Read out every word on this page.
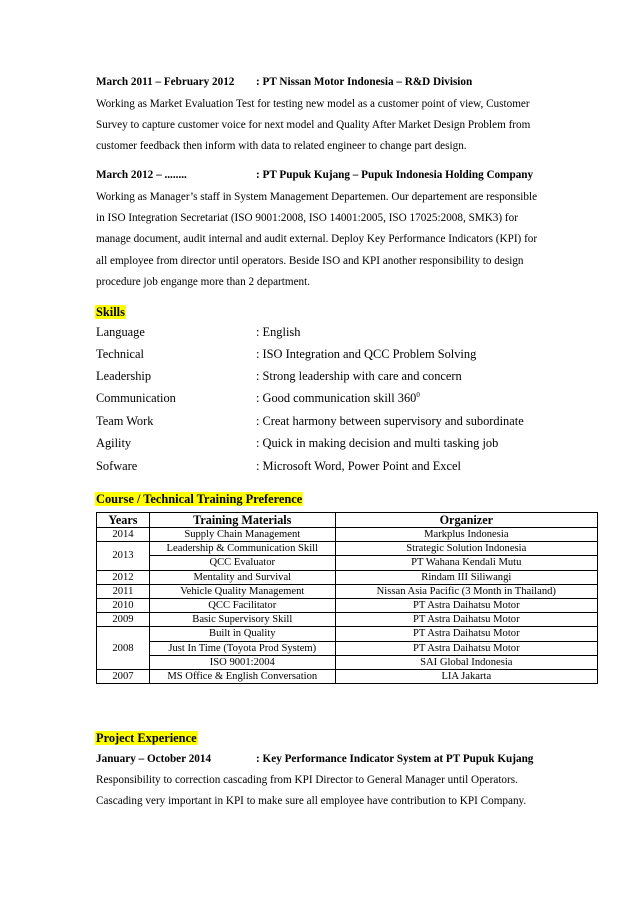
March 2011 – February 2012 : PT Nissan Motor Indonesia – R&D Division
Working as Market Evaluation Test for testing new model as a customer point of view, Customer
Survey to capture customer voice for next model and Quality After Market Design Problem from
customer feedback then inform with data to related engineer to change part design.
March 2012 – ........	: PT Pupuk Kujang – Pupuk Indonesia Holding Company
Working as Manager’s staff in System Management Departemen. Our departement are responsible
in ISO Integration Secretariat (ISO 9001:2008, ISO 14001:2005, ISO 17025:2008, SMK3) for
manage document, audit internal and audit external. Deploy Key Performance Indicators (KPI) for
all employee from director until operators. Beside ISO and KPI another responsibility to design
procedure job engange more than 2 department.
Skills
Language	: English
Technical	: ISO Integration and QCC Problem Solving
Leadership	: Strong leadership with care and concern
Communication	: Good communication skill $360^0$
Team Work	: Creat harmony between supervisory and subordinate
Agility	: Quick in making decision and multi tasking job
Sofware	: Microsoft Word, Power Point and Excel
Course / Technical Training Preference
Years	Training Materials	Organizer
2014	Supply Chain Management	Markplus Indonesia
2013	Leadership & Communication Skill	Strategic Solution Indonesia
	QCC Evaluator	PT Wahana Kendali Mutu
2012	Mentality and Survival	Rindam III Siliwangi
2011	Vehicle Quality Management	Nissan Asia Pacific (3 Month in Thailand)
2010	QCC Facilitator	PT Astra Daihatsu Motor
2009	Basic Supervisory Skill	PT Astra Daihatsu Motor
2008	Built in Quality	PT Astra Daihatsu Motor
	Just In Time (Toyota Prod System)	PT Astra Daihatsu Motor
	ISO 9001:2004	SAI Global Indonesia
2007	MS Office & English Conversation	LIA Jakarta
Project Experience
January – October 2014	: Key Performance Indicator System at PT Pupuk Kujang
Responsibility to correction cascading from KPI Director to General Manager until Operators.
Cascading very important in KPI to make sure all employee have contribution to KPI Company.
